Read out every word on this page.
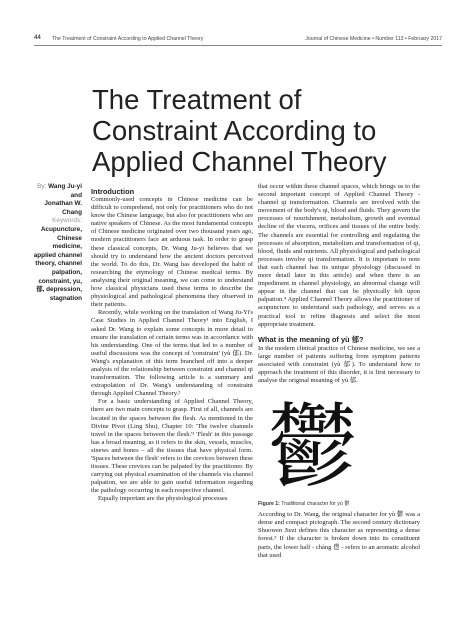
44 The Treatment of Constraint According to Applied Channel Theory	Journal of Chinese Medicine • Number 113 • February 2017
The Treatment of
Constraint According to
Applied Channel Theory
By: Wang Ju-yi
and
Jonathan W.
Chang
Keywords:
Acupuncture,
Chinese
medicine,
applied channel
theory, channel
palpation,
constraint, yu,
郁, depression,
stagnation
Introduction

Commonly-used concepts in Chinese medicine can be difficult to comprehend, not only for practitioners who do not know the Chinese language, but also for practitioners who are native speakers of Chinese. As the most fundamental concepts of Chinese medicine originated over two thousand years ago, modern practitioners face an arduous task. In order to grasp these classical concepts, Dr. Wang Ju-yi believes that we should try to understand how the ancient doctors perceived the world. To do this, Dr. Wang has developed the habit of researching the etymology of Chinese medical terms. By analysing their original meaning, we can come to understand how classical physicians used these terms to describe the physiological and pathological phenomena they observed in their patients.

Recently, while working on the translation of Wang Ju-Yi's Case Studies in Applied Channel Theory¹ into English, I asked Dr. Wang to explain some concepts in more detail to ensure the translation of certain terms was in accordance with his understanding. One of the terms that led to a number of useful discussions was the concept of 'constraint' (yù 郁). Dr. Wang's explanation of this term branched off into a deeper analysis of the relationship between constraint and channel qi transformation. The following article is a summary and extrapolation of Dr. Wang's understanding of constraint through Applied Channel Theory.²

For a basic understanding of Applied Channel Theory, there are two main concepts to grasp. First of all, channels are located in the spaces between the flesh. As mentioned in the Divine Pivot (Ling Shu), Chapter 10: 'The twelve channels travel in the spaces between the flesh.'³ 'Flesh' in this passage has a broad meaning, as it refers to the skin, vessels, muscles, sinews and bones – all the tissues that have physical form. 'Spaces between the flesh' refers to the crevices between these tissues. These crevices can be palpated by the practitioner. By carrying out physical examination of the channels via channel palpation, we are able to gain useful information regarding the pathology occurring in each respective channel.

Equally important are the physiological processes

that occur within these channel spaces, which brings us to the second important concept of Applied Channel Theory - channel qi transformation. Channels are involved with the movement of the body's qi, blood and fluids. They govern the processes of nourishment, metabolism, growth and eventual decline of the viscera, orifices and tissues of the entire body. The channels are essential for controlling and regulating the processes of absorption, metabolism and transformation of qi, blood, fluids and nutrients. All physiological and pathological processes involve qi transformation. It is important to note that each channel has its unique physiology (discussed in more detail later in this article) and when there is an impediment in channel physiology, an abnormal change will appear in the channel that can be physically felt upon palpation.⁴ Applied Channel Theory allows the practitioner of acupuncture to understand such pathology, and serves as a practical tool to refine diagnosis and select the most appropriate treatment.

What is the meaning of yù 郁?

In the modern clinical practice of Chinese medicine, we see a large number of patients suffering from symptom patterns associated with constraint (yù 郁). To understand how to approach the treatment of this disorder, it is first necessary to analyse the original meaning of yù 郁.

鬱
Figure 1: Traditional character for yù 鬱

According to Dr. Wang, the original character for yù 鬱 was a dense and compact pictograph. The second century dictionary Shuowen Jiezi defines this character as representing a dense forest.⁵ If the character is broken down into its constituent parts, the lower half - chàng 鬯 - refers to an aromatic alcohol that used
